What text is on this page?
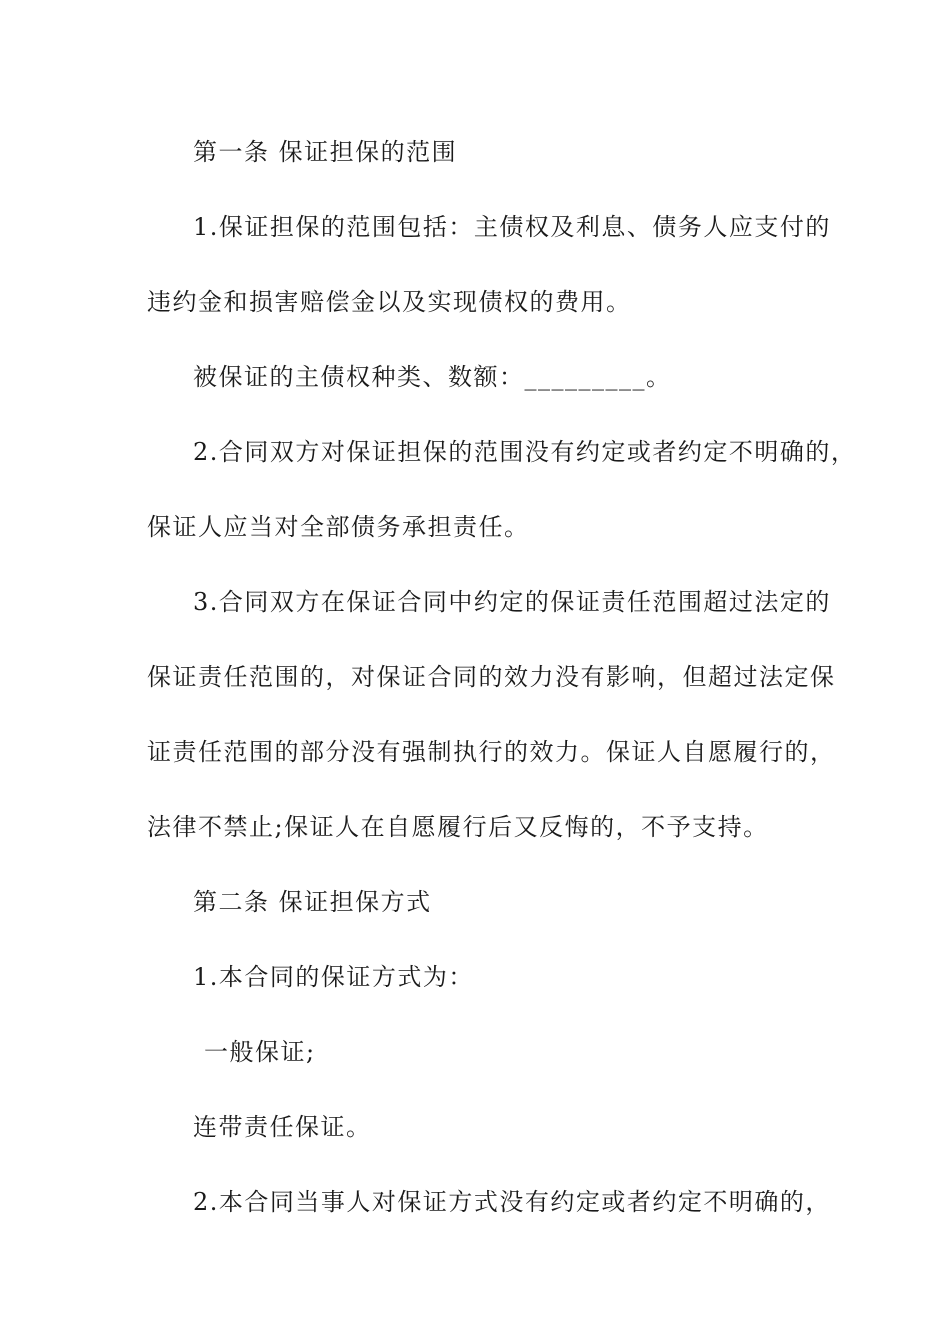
第一条 保证担保的范围
1.保证担保的范围包括：主债权及利息、债务人应支付的
违约金和损害赔偿金以及实现债权的费用。
被保证的主债权种类、数额：_________。
2.合同双方对保证担保的范围没有约定或者约定不明确的，
保证人应当对全部债务承担责任。
3.合同双方在保证合同中约定的保证责任范围超过法定的
保证责任范围的，对保证合同的效力没有影响，但超过法定保
证责任范围的部分没有强制执行的效力。保证人自愿履行的，
法律不禁止;保证人在自愿履行后又反悔的，不予支持。
第二条 保证担保方式
1.本合同的保证方式为：
一般保证;
连带责任保证。
2.本合同当事人对保证方式没有约定或者约定不明确的，
